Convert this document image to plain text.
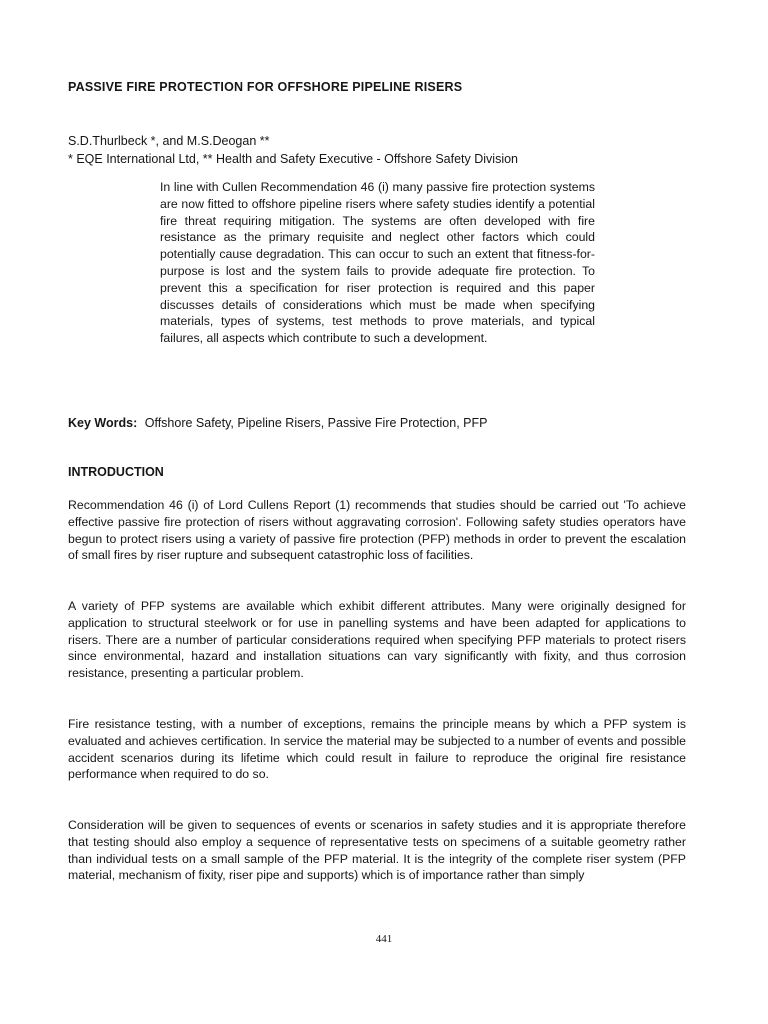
PASSIVE FIRE PROTECTION FOR OFFSHORE PIPELINE RISERS

S.D.Thurlbeck *, and M.S.Deogan **

* EQE International Ltd, ** Health and Safety Executive - Offshore Safety Division

In line with Cullen Recommendation 46 (i) many passive fire protection systems are now fitted to offshore pipeline risers where safety studies identify a potential fire threat requiring mitigation. The systems are often developed with fire resistance as the primary requisite and neglect other factors which could potentially cause degradation. This can occur to such an extent that fitness-for-purpose is lost and the system fails to provide adequate fire protection. To prevent this a specification for riser protection is required and this paper discusses details of considerations which must be made when specifying materials, types of systems, test methods to prove materials, and typical failures, all aspects which contribute to such a development.

Key Words: Offshore Safety, Pipeline Risers, Passive Fire Protection, PFP

INTRODUCTION

Recommendation 46 (i) of Lord Cullens Report (1) recommends that studies should be carried out 'To achieve effective passive fire protection of risers without aggravating corrosion'. Following safety studies operators have begun to protect risers using a variety of passive fire protection (PFP) methods in order to prevent the escalation of small fires by riser rupture and subsequent catastrophic loss of facilities.

A variety of PFP systems are available which exhibit different attributes. Many were originally designed for application to structural steelwork or for use in panelling systems and have been adapted for applications to risers. There are a number of particular considerations required when specifying PFP materials to protect risers since environmental, hazard and installation situations can vary significantly with fixity, and thus corrosion resistance, presenting a particular problem.

Fire resistance testing, with a number of exceptions, remains the principle means by which a PFP system is evaluated and achieves certification. In service the material may be subjected to a number of events and possible accident scenarios during its lifetime which could result in failure to reproduce the original fire resistance performance when required to do so.

Consideration will be given to sequences of events or scenarios in safety studies and it is appropriate therefore that testing should also employ a sequence of representative tests on specimens of a suitable geometry rather than individual tests on a small sample of the PFP material. It is the integrity of the complete riser system (PFP material, mechanism of fixity, riser pipe and supports) which is of importance rather than simply

441
